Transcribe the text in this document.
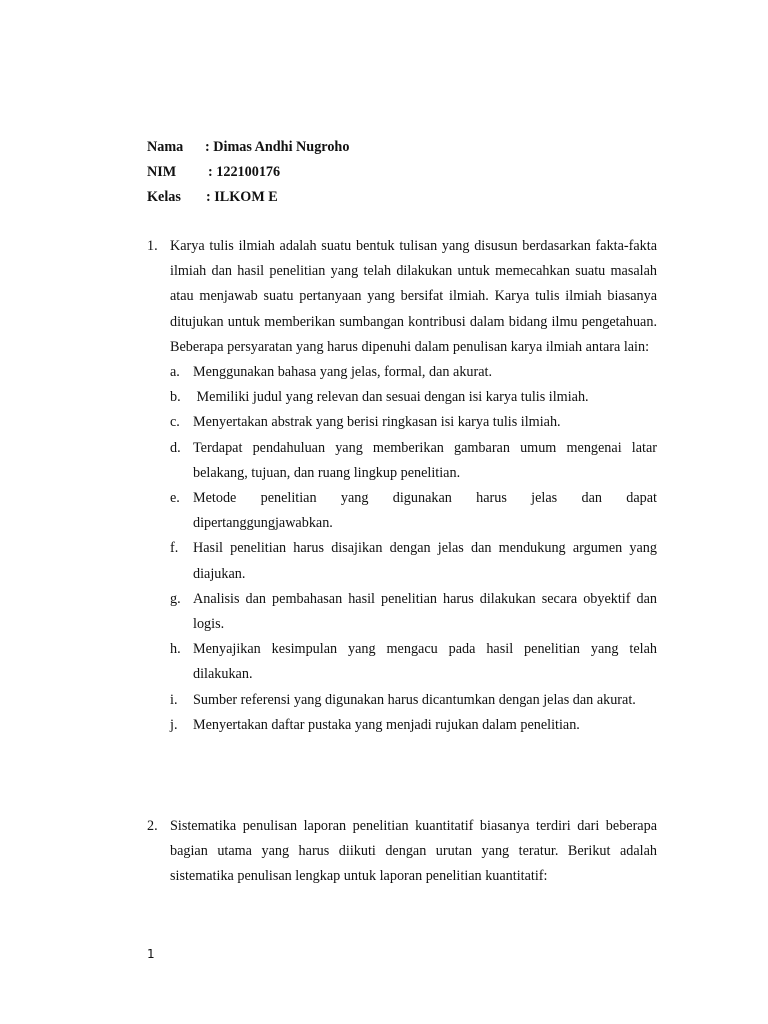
Nama : Dimas Andhi Nugroho
NIM : 122100176
Kelas : ILKOM E
1. Karya tulis ilmiah adalah suatu bentuk tulisan yang disusun berdasarkan fakta-fakta ilmiah dan hasil penelitian yang telah dilakukan untuk memecahkan suatu masalah atau menjawab suatu pertanyaan yang bersifat ilmiah. Karya tulis ilmiah biasanya ditujukan untuk memberikan sumbangan kontribusi dalam bidang ilmu pengetahuan. Beberapa persyaratan yang harus dipenuhi dalam penulisan karya ilmiah antara lain:

a. Menggunakan bahasa yang jelas, formal, dan akurat.
b. Memiliki judul yang relevan dan sesuai dengan isi karya tulis ilmiah.
c. Menyertakan abstrak yang berisi ringkasan isi karya tulis ilmiah.
d. Terdapat pendahuluan yang memberikan gambaran umum mengenai latar belakang, tujuan, dan ruang lingkup penelitian.
e. Metode penelitian yang digunakan harus jelas dan dapat
dipertanggungjawabkan.
f. Hasil penelitian harus disajikan dengan jelas dan mendukung argumen yang diajukan.
g. Analisis dan pembahasan hasil penelitian harus dilakukan secara obyektif dan logis.
h. Menyajikan kesimpulan yang mengacu pada hasil penelitian yang telah dilakukan.
i. Sumber referensi yang digunakan harus dicantumkan dengan jelas dan akurat.
j. Menyertakan daftar pustaka yang menjadi rujukan dalam penelitian.
2. Sistematika penulisan laporan penelitian kuantitatif biasanya terdiri dari beberapa bagian utama yang harus diikuti dengan urutan yang teratur. Berikut adalah sistematika penulisan lengkap untuk laporan penelitian kuantitatif:

1
